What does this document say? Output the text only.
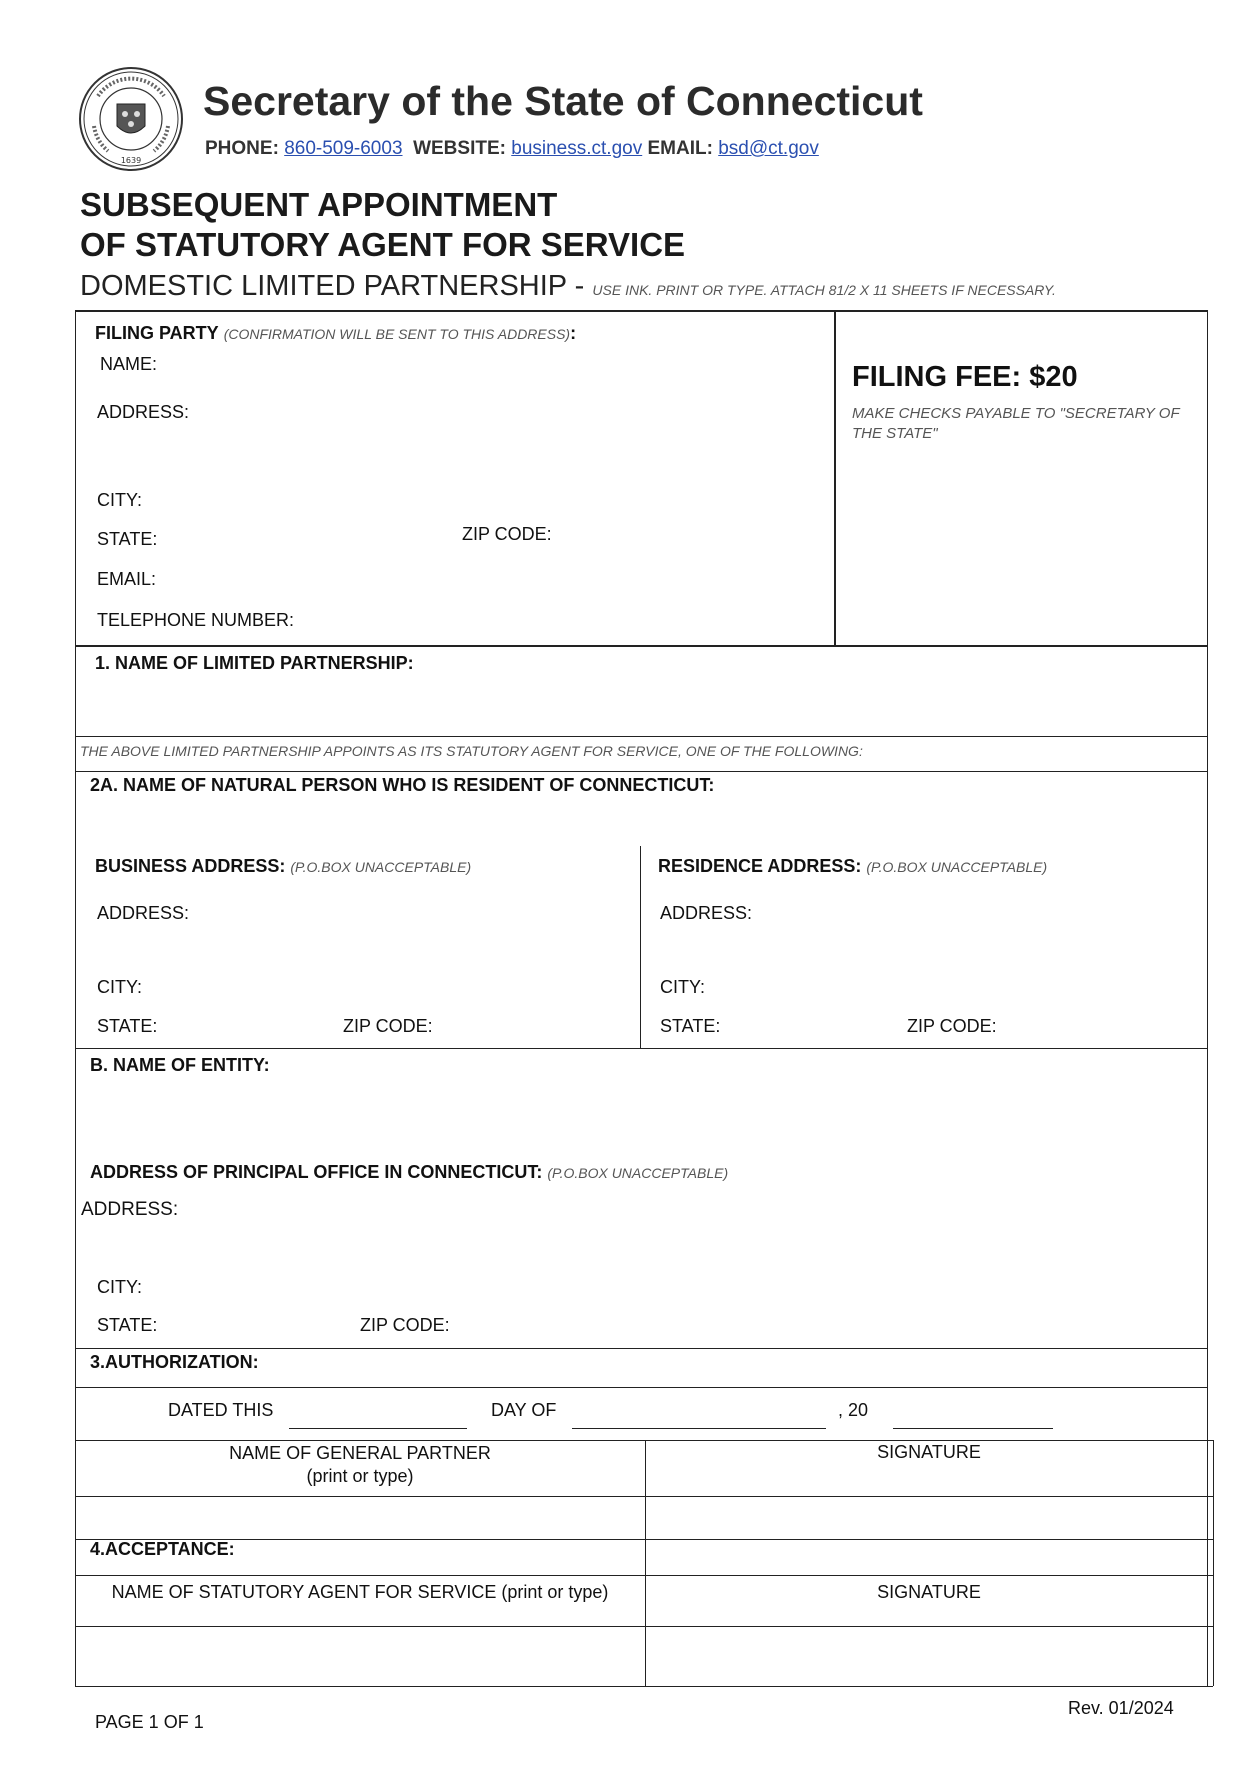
1639
Secretary of the State of Connecticut
PHONE: 860-509-6003 WEBSITE: business.ct.gov EMAIL: bsd@ct.gov
SUBSEQUENT APPOINTMENT
OF STATUTORY AGENT FOR SERVICE
DOMESTIC LIMITED PARTNERSHIP - USE INK. PRINT OR TYPE. ATTACH 81/2 X 11 SHEETS IF NECESSARY.
FILING PARTY (CONFIRMATION WILL BE SENT TO THIS ADDRESS):
NAME:
ADDRESS:
CITY:
STATE:	ZIP CODE:
EMAIL:
TELEPHONE NUMBER:
FILING FEE: $20
MAKE CHECKS PAYABLE TO "SECRETARY OF THE STATE"
1. NAME OF LIMITED PARTNERSHIP:
THE ABOVE LIMITED PARTNERSHIP APPOINTS AS ITS STATUTORY AGENT FOR SERVICE, ONE OF THE FOLLOWING:
2A. NAME OF NATURAL PERSON WHO IS RESIDENT OF CONNECTICUT:
BUSINESS ADDRESS: (P.O.BOX UNACCEPTABLE)
ADDRESS:
CITY:
STATE:	ZIP CODE:
RESIDENCE ADDRESS: (P.O.BOX UNACCEPTABLE)
ADDRESS:
CITY:
STATE:	ZIP CODE:
B. NAME OF ENTITY:
ADDRESS OF PRINCIPAL OFFICE IN CONNECTICUT: (P.O.BOX UNACCEPTABLE)
ADDRESS:
CITY:
STATE:	ZIP CODE:
3.AUTHORIZATION:
DATED THIS	DAY OF	, 20
NAME OF GENERAL PARTNER
(print or type)
SIGNATURE
4.ACCEPTANCE:
NAME OF STATUTORY AGENT FOR SERVICE (print or type)	SIGNATURE
PAGE 1 OF 1
Rev. 01/2024
